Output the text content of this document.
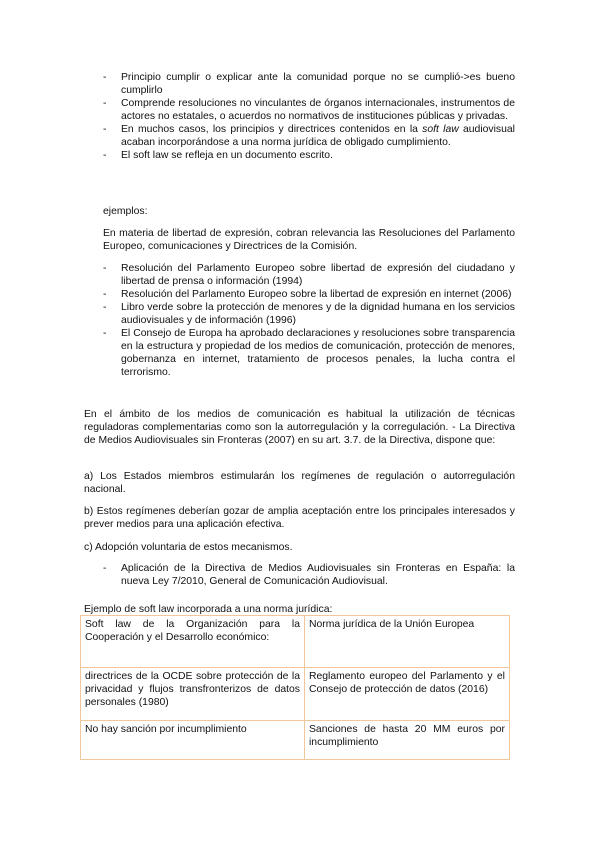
- Principio cumplir o explicar ante la comunidad porque no se cumplió->es bueno cumplirlo
- Comprende resoluciones no vinculantes de órganos internacionales, instrumentos de actores no estatales, o acuerdos no normativos de instituciones públicas y privadas.
- En muchos casos, los principios y directrices contenidos en la soft law audiovisual acaban incorporándose a una norma jurídica de obligado cumplimiento.
- El soft law se refleja en un documento escrito.
ejemplos:
En materia de libertad de expresión, cobran relevancia las Resoluciones del Parlamento Europeo, comunicaciones y Directrices de la Comisión.
- Resolución del Parlamento Europeo sobre libertad de expresión del ciudadano y libertad de prensa o información (1994)
- Resolución del Parlamento Europeo sobre la libertad de expresión en internet (2006)
- Libro verde sobre la protección de menores y de la dignidad humana en los servicios audiovisuales y de información (1996)
- El Consejo de Europa ha aprobado declaraciones y resoluciones sobre transparencia en la estructura y propiedad de los medios de comunicación, protección de menores, gobernanza en internet, tratamiento de procesos penales, la lucha contra el terrorismo.
En el ámbito de los medios de comunicación es habitual la utilización de técnicas reguladoras complementarias como son la autorregulación y la corregulación. - La Directiva de Medios Audiovisuales sin Fronteras (2007) en su art. 3.7. de la Directiva, dispone que:
a) Los Estados miembros estimularán los regímenes de regulación o autorregulación nacional.
b) Estos regímenes deberían gozar de amplia aceptación entre los principales interesados y prever medios para una aplicación efectiva.
c) Adopción voluntaria de estos mecanismos.
- Aplicación de la Directiva de Medios Audiovisuales sin Fronteras en España: la nueva Ley 7/2010, General de Comunicación Audiovisual.
Ejemplo de soft law incorporada a una norma jurídica:
Soft law de la Organización para la Cooperación y el Desarrollo económico:	Norma jurídica de la Unión Europea
directrices de la OCDE sobre protección de la privacidad y flujos transfronterizos de datos personales (1980)	Reglamento europeo del Parlamento y el Consejo de protección de datos (2016)
No hay sanción por incumplimiento	Sanciones de hasta 20 MM euros por incumplimiento
